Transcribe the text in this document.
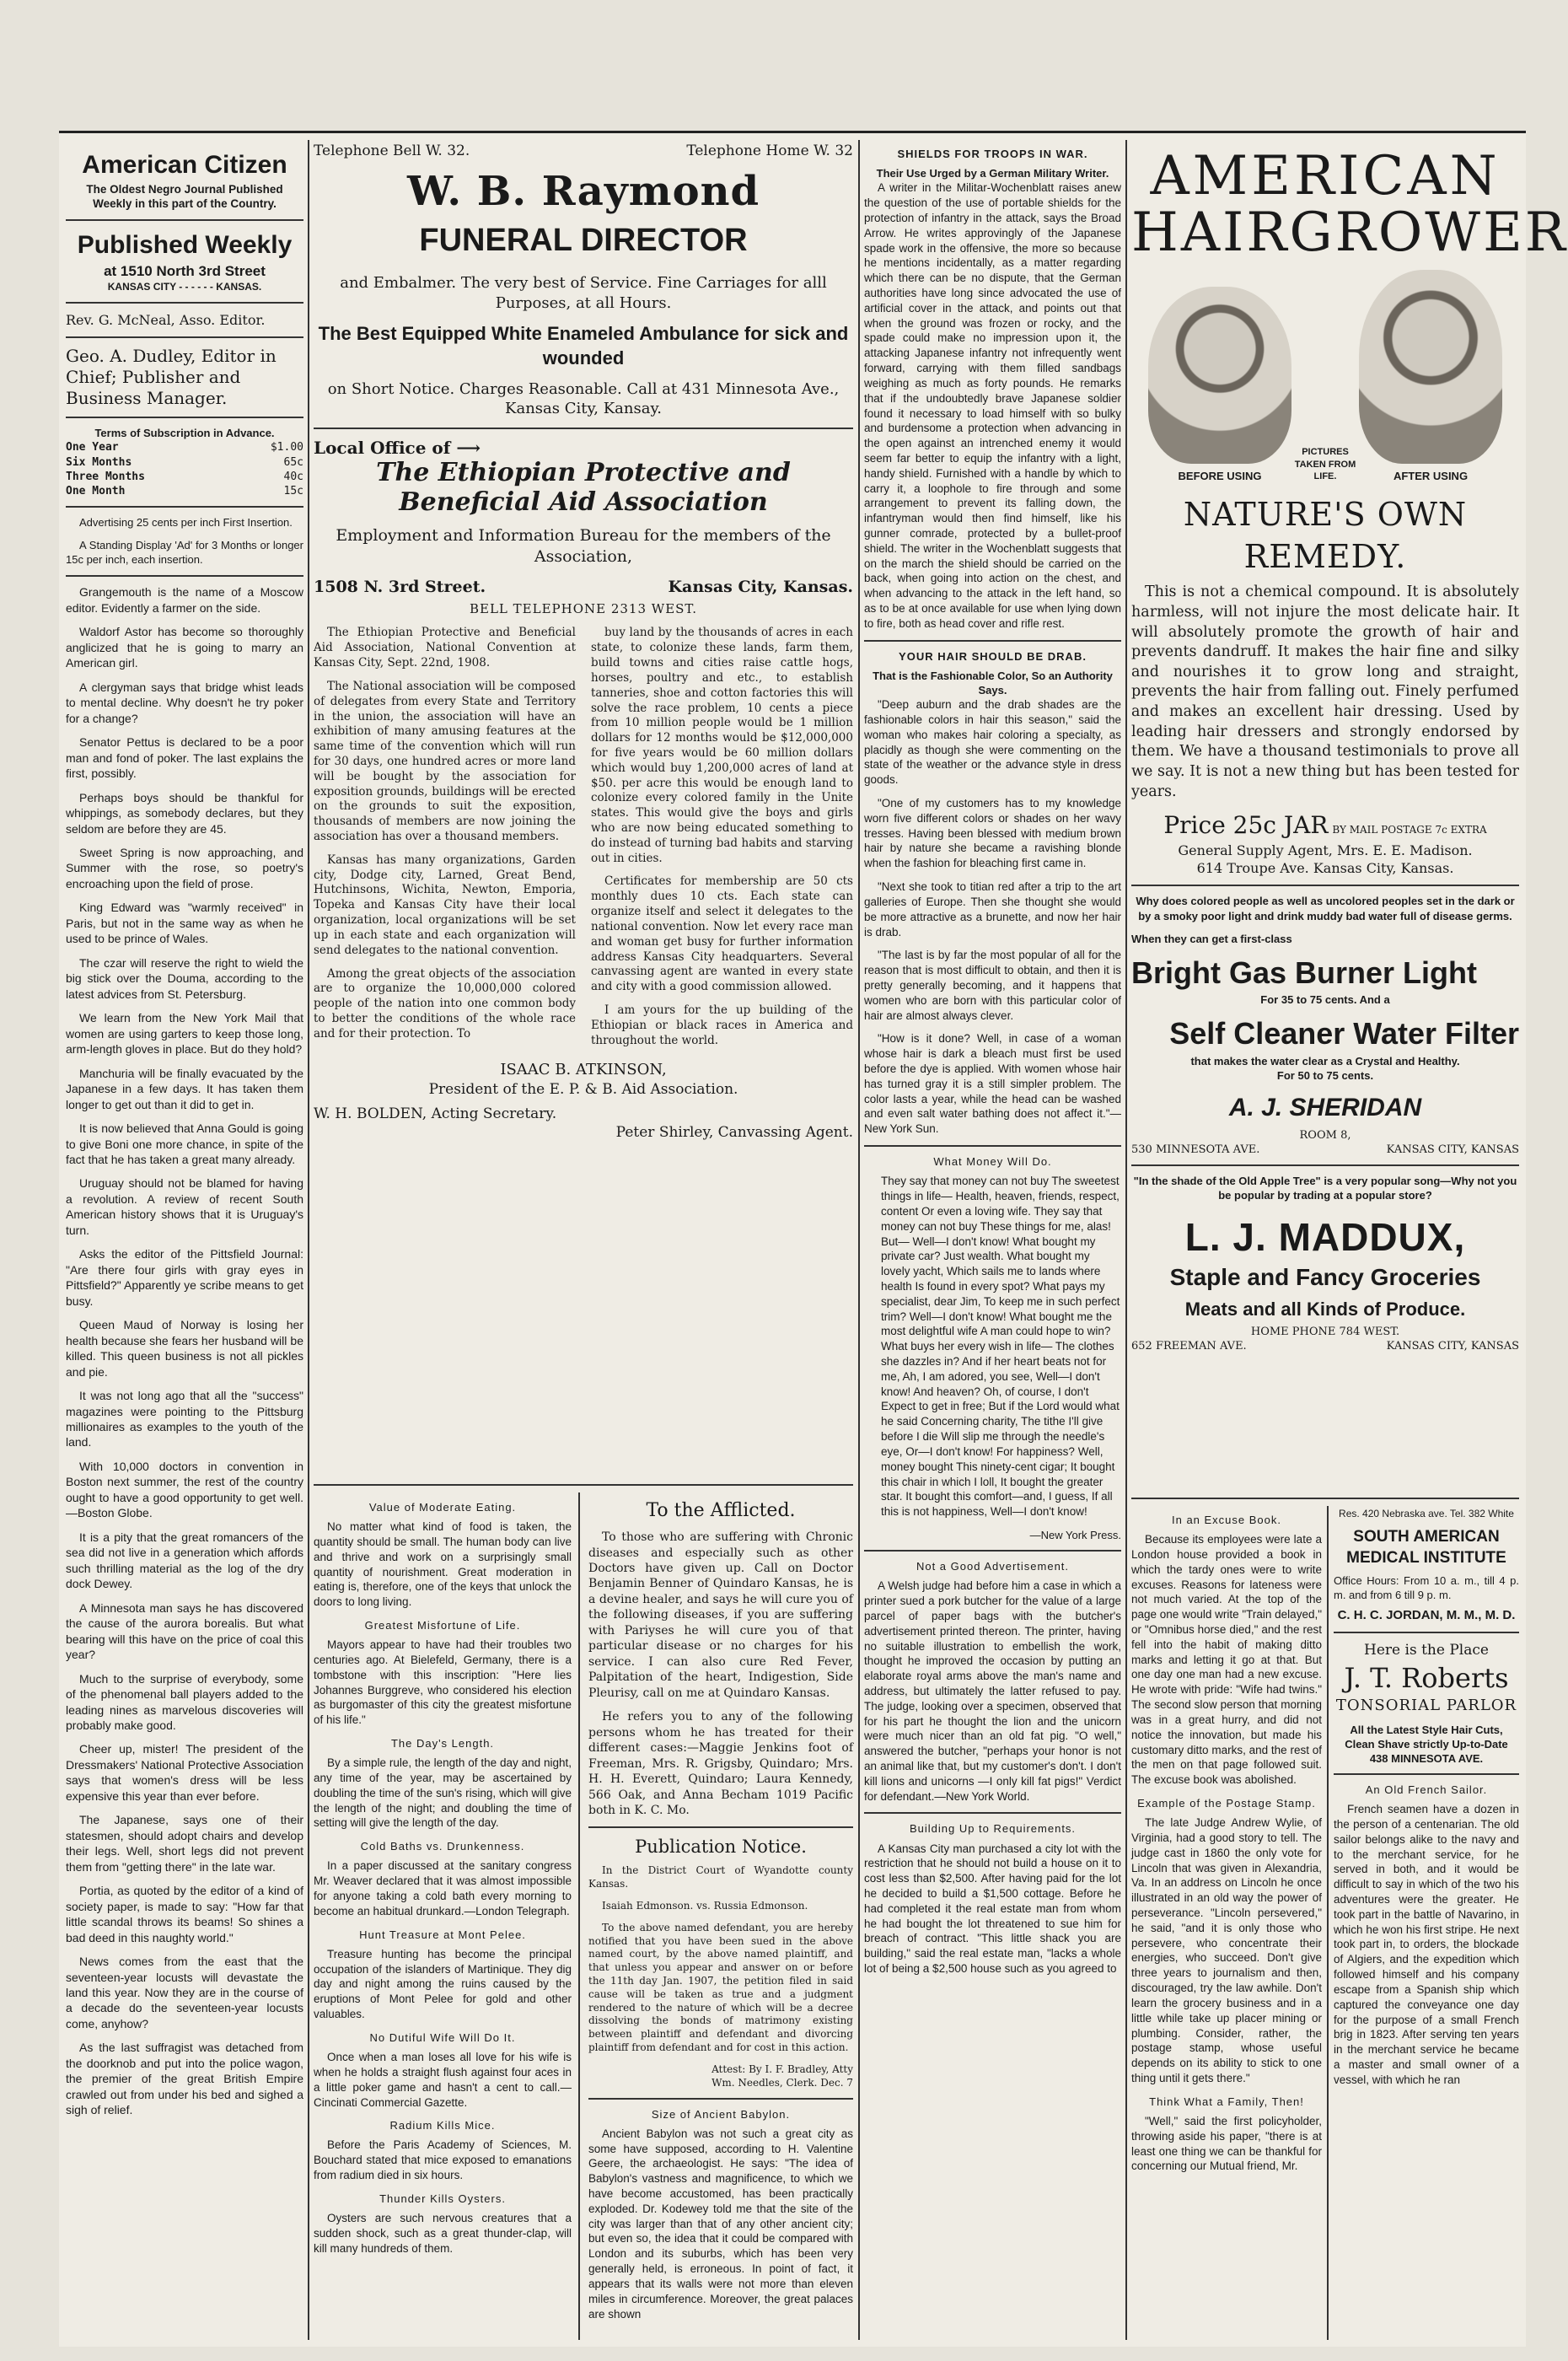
American Citizen
The Oldest Negro Journal Published Weekly in this part of the Country.
Published Weekly
at 1510 North 3rd Street
KANSAS CITY - - - - - - KANSAS.
Rev. G. McNeal, Asso. Editor.
Geo. A. Dudley, Editor in Chief; Publisher and Business Manager.
Terms of Subscription in Advance.
One Year	$1.00
Six Months	65c
Three Months	40c
One Month	15c

Advertising 25 cents per inch First Insertion.

A Standing Display 'Ad' for 3 Months or longer 15c per inch, each insertion.

Grangemouth is the name of a Moscow editor. Evidently a farmer on the side.

Waldorf Astor has become so thoroughly anglicized that he is going to marry an American girl.

A clergyman says that bridge whist leads to mental decline. Why doesn't he try poker for a change?

Senator Pettus is declared to be a poor man and fond of poker. The last explains the first, possibly.

Perhaps boys should be thankful for whippings, as somebody declares, but they seldom are before they are 45.

Sweet Spring is now approaching, and Summer with the rose, so poetry's encroaching upon the field of prose.

King Edward was "warmly received" in Paris, but not in the same way as when he used to be prince of Wales.

The czar will reserve the right to wield the big stick over the Douma, according to the latest advices from St. Petersburg.

We learn from the New York Mail that women are using garters to keep those long, arm-length gloves in place. But do they hold?

Manchuria will be finally evacuated by the Japanese in a few days. It has taken them longer to get out than it did to get in.

It is now believed that Anna Gould is going to give Boni one more chance, in spite of the fact that he has taken a great many already.

Uruguay should not be blamed for having a revolution. A review of recent South American history shows that it is Uruguay's turn.

Asks the editor of the Pittsfield Journal: "Are there four girls with gray eyes in Pittsfield?" Apparently ye scribe means to get busy.

Queen Maud of Norway is losing her health because she fears her husband will be killed. This queen business is not all pickles and pie.

It was not long ago that all the "success" magazines were pointing to the Pittsburg millionaires as examples to the youth of the land.

With 10,000 doctors in convention in Boston next summer, the rest of the country ought to have a good opportunity to get well.—Boston Globe.

It is a pity that the great romancers of the sea did not live in a generation which affords such thrilling material as the log of the dry dock Dewey.

A Minnesota man says he has discovered the cause of the aurora borealis. But what bearing will this have on the price of coal this year?

Much to the surprise of everybody, some of the phenomenal ball players added to the leading nines as marvelous discoveries will probably make good.

Cheer up, mister! The president of the Dressmakers' National Protective Association says that women's dress will be less expensive this year than ever before.

The Japanese, says one of their statesmen, should adopt chairs and develop their legs. Well, short legs did not prevent them from "getting there" in the late war.

Portia, as quoted by the editor of a kind of society paper, is made to say: "How far that little scandal throws its beams! So shines a bad deed in this naughty world."

News comes from the east that the seventeen-year locusts will devastate the land this year. Now they are in the course of a decade do the seventeen-year locusts come, anyhow?

As the last suffragist was detached from the doorknob and put into the police wagon, the premier of the great British Empire crawled out from under his bed and sighed a sigh of relief.

Telephone Bell W. 32.	Telephone Home W. 32
W. B. Raymond
FUNERAL DIRECTOR

and Embalmer. The very best of Service. Fine Carriages for alll Purposes, at all Hours.

The Best Equipped White Enameled Ambulance for sick and wounded

on Short Notice. Charges Reasonable. Call at 431 Minnesota Ave., Kansas City, Kansay.

Local Office of ⟶
The Ethiopian Protective and Beneficial Aid Association

Employment and Information Bureau for the members of the Association,

1508 N. 3rd Street.	Kansas City, Kansas.
BELL TELEPHONE 2313 WEST.

The Ethiopian Protective and Beneficial Aid Association, National Convention at Kansas City, Sept. 22nd, 1908.

The National association will be composed of delegates from every State and Territory in the union, the association will have an exhibition of many amusing features at the same time of the convention which will run for 30 days, one hundred acres or more land will be bought by the association for exposition grounds, buildings will be erected on the grounds to suit the exposition, thousands of members are now joining the association has over a thousand members.

Kansas has many organizations, Garden city, Dodge city, Larned, Great Bend, Hutchinsons, Wichita, Newton, Emporia, Topeka and Kansas City have their local organization, local organizations will be set up in each state and each organization will send delegates to the national convention.

Among the great objects of the association are to organize the 10,000,000 colored people of the nation into one common body to better the conditions of the whole race and for their protection. To

buy land by the thousands of acres in each state, to colonize these lands, farm them, build towns and cities raise cattle hogs, horses, poultry and etc., to establish tanneries, shoe and cotton factories this will solve the race problem, 10 cents a piece from 10 million people would be 1 million dollars for 12 months would be $12,000,000 for five years would be 60 million dollars which would buy 1,200,000 acres of land at $50. per acre this would be enough land to colonize every colored family in the Unite states. This would give the boys and girls who are now being educated something to do instead of turning bad habits and starving out in cities.

Certificates for membership are 50 cts monthly dues 10 cts. Each state can organize itself and select it delegates to the national convention. Now let every race man and woman get busy for further information address Kansas City headquarters. Several canvassing agent are wanted in every state and city with a good commission allowed.

I am yours for the up building of the Ethiopian or black races in America and throughout the world.

ISAAC B. ATKINSON,
President of the E. P. & B. Aid Association.
W. H. BOLDEN, Acting Secretary.
Peter Shirley, Canvassing Agent.
Value of Moderate Eating.

No matter what kind of food is taken, the quantity should be small. The human body can live and thrive and work on a surprisingly small quantity of nourishment. Great moderation in eating is, therefore, one of the keys that unlock the doors to long living.

Greatest Misfortune of Life.

Mayors appear to have had their troubles two centuries ago. At Bielefeld, Germany, there is a tombstone with this inscription: "Here lies Johannes Burggreve, who considered his election as burgomaster of this city the greatest misfortune of his life."

The Day's Length.

By a simple rule, the length of the day and night, any time of the year, may be ascertained by doubling the time of the sun's rising, which will give the length of the night; and doubling the time of setting will give the length of the day.

Cold Baths vs. Drunkenness.

In a paper discussed at the sanitary congress Mr. Weaver declared that it was almost impossible for anyone taking a cold bath every morning to become an habitual drunkard.—London Telegraph.

Hunt Treasure at Mont Pelee.

Treasure hunting has become the principal occupation of the islanders of Martinique. They dig day and night among the ruins caused by the eruptions of Mont Pelee for gold and other valuables.

No Dutiful Wife Will Do It.

Once when a man loses all love for his wife is when he holds a straight flush against four aces in a little poker game and hasn't a cent to call.—Cincinati Commercial Gazette.

Radium Kills Mice.

Before the Paris Academy of Sciences, M. Bouchard stated that mice exposed to emanations from radium died in six hours.

Thunder Kills Oysters.

Oysters are such nervous creatures that a sudden shock, such as a great thunder-clap, will kill many hundreds of them.

To the Afflicted.

To those who are suffering with Chronic diseases and especially such as other Doctors have given up. Call on Doctor Benjamin Benner of Quindaro Kansas, he is a devine healer, and says he will cure you of the following diseases, if you are suffering with Pariyses he will cure you of that particular disease or no charges for his service. I can also cure Red Fever, Palpitation of the heart, Indigestion, Side Pleurisy, call on me at Quindaro Kansas.

He refers you to any of the following persons whom he has treated for their different cases:—Maggie Jenkins foot of Freeman, Mrs. R. Grigsby, Quindaro; Mrs. H. H. Everett, Quindaro; Laura Kennedy, 566 Oak, and Anna Becham 1019 Pacific both in K. C. Mo.

Publication Notice.

In the District Court of Wyandotte county Kansas.

Isaiah Edmonson. vs. Russia Edmonson.

To the above named defendant, you are hereby notified that you have been sued in the above named court, by the above named plaintiff, and that unless you appear and answer on or before the 11th day Jan. 1907, the petition filed in said cause will be taken as true and a judgment rendered to the nature of which will be a decree dissolving the bonds of matrimony existing between plaintiff and defendant and divorcing plaintiff from defendant and for cost in this action.

Attest: By I. F. Bradley, Atty
Wm. Needles, Clerk. Dec. 7
Size of Ancient Babylon.

Ancient Babylon was not such a great city as some have supposed, according to H. Valentine Geere, the archaeologist. He says: "The idea of Babylon's vastness and magnificence, to which we have become accustomed, has been practically exploded. Dr. Kodewey told me that the site of the city was larger than that of any other ancient city; but even so, the idea that it could be compared with London and its suburbs, which has been very generally held, is erroneous. In point of fact, it appears that its walls were not more than eleven miles in circumference. Moreover, the great palaces are shown

SHIELDS FOR TROOPS IN WAR.
Their Use Urged by a German Military Writer.

A writer in the Militar-Wochenblatt raises anew the question of the use of portable shields for the protection of infantry in the attack, says the Broad Arrow. He writes approvingly of the Japanese spade work in the offensive, the more so because he mentions incidentally, as a matter regarding which there can be no dispute, that the German authorities have long since advocated the use of artificial cover in the attack, and points out that when the ground was frozen or rocky, and the spade could make no impression upon it, the attacking Japanese infantry not infrequently went forward, carrying with them filled sandbags weighing as much as forty pounds. He remarks that if the undoubtedly brave Japanese soldier found it necessary to load himself with so bulky and burdensome a protection when advancing in the open against an intrenched enemy it would seem far better to equip the infantry with a light, handy shield. Furnished with a handle by which to carry it, a loophole to fire through and some arrangement to prevent its falling down, the infantryman would then find himself, like his gunner comrade, protected by a bullet-proof shield. The writer in the Wochenblatt suggests that on the march the shield should be carried on the back, when going into action on the chest, and when advancing to the attack in the left hand, so as to be at once available for use when lying down to fire, both as head cover and rifle rest.

YOUR HAIR SHOULD BE DRAB.
That is the Fashionable Color, So an Authority Says.

"Deep auburn and the drab shades are the fashionable colors in hair this season," said the woman who makes hair coloring a specialty, as placidly as though she were commenting on the state of the weather or the advance style in dress goods.

"One of my customers has to my knowledge worn five different colors or shades on her wavy tresses. Having been blessed with medium brown hair by nature she became a ravishing blonde when the fashion for bleaching first came in.

"Next she took to titian red after a trip to the art galleries of Europe. Then she thought she would be more attractive as a brunette, and now her hair is drab.

"The last is by far the most popular of all for the reason that is most difficult to obtain, and then it is pretty generally becoming, and it happens that women who are born with this particular color of hair are almost always clever.

"How is it done? Well, in case of a woman whose hair is dark a bleach must first be used before the dye is applied. With women whose hair has turned gray it is a still simpler problem. The color lasts a year, while the head can be washed and even salt water bathing does not affect it."—New York Sun.

What Money Will Do.

They say that money can not buy The sweetest things in life— Health, heaven, friends, respect, content Or even a loving wife. They say that money can not buy These things for me, alas! But— Well—I don't know! What bought my private car? Just wealth. What bought my lovely yacht, Which sails me to lands where health Is found in every spot? What pays my specialist, dear Jim, To keep me in such perfect trim? Well—I don't know! What bought me the most delightful wife A man could hope to win? What buys her every wish in life— The clothes she dazzles in? And if her heart beats not for me, Ah, I am adored, you see, Well—I don't know! And heaven? Oh, of course, I don't Expect to get in free; But if the Lord would what he said Concerning charity, The tithe I'll give before I die Will slip me through the needle's eye, Or—I don't know! For happiness? Well, money bought This ninety-cent cigar; It bought this chair in which I loll, It bought the greater star. It bought this comfort—and, I guess, If all this is not happiness, Well—I don't know!

—New York Press.
Not a Good Advertisement.

A Welsh judge had before him a case in which a printer sued a pork butcher for the value of a large parcel of paper bags with the butcher's advertisement printed thereon. The printer, having no suitable illustration to embellish the work, thought he improved the occasion by putting an elaborate royal arms above the man's name and address, but ultimately the latter refused to pay. The judge, looking over a specimen, observed that for his part he thought the lion and the unicorn were much nicer than an old fat pig. "O well," answered the butcher, "perhaps your honor is not an animal like that, but my customer's don't. I don't kill lions and unicorns —I only kill fat pigs!" Verdict for defendant.—New York World.

Building Up to Requirements.

A Kansas City man purchased a city lot with the restriction that he should not build a house on it to cost less than $2,500. After having paid for the lot he decided to build a $1,500 cottage. Before he had completed it the real estate man from whom he had bought the lot threatened to sue him for breach of contract. "This little shack you are building," said the real estate man, "lacks a whole lot of being a $2,500 house such as you agreed to

AMERICAN
HAIR GROWER
BEFORE USING
PICTURES TAKEN FROM LIFE.	AFTER USING
NATURE'S OWN REMEDY.

This is not a chemical compound. It is absolutely harmless, will not injure the most delicate hair. It will absolutely promote the growth of hair and prevents dandruff. It makes the hair fine and silky and nourishes it to grow long and straight, prevents the hair from falling out. Finely perfumed and makes an excellent hair dressing. Used by leading hair dressers and strongly endorsed by them. We have a thousand testimonials to prove all we say. It is not a new thing but has been tested for years.

Price 25c JAR BY MAIL POSTAGE 7c EXTRA
General Supply Agent, Mrs. E. E. Madison.
614 Troupe Ave. Kansas City, Kansas.

Why does colored people as well as uncolored peoples set in the dark or by a smoky poor light and drink muddy bad water full of disease germs.

When they can get a first-class
Bright Gas Burner Light
For 35 to 75 cents. And a
Self Cleaner Water Filter
that makes the water clear as a Crystal and Healthy.
For 50 to 75 cents.
A. J. SHERIDAN
ROOM 8,
530 MINNESOTA AVE.	KANSAS CITY, KANSAS

"In the shade of the Old Apple Tree" is a very popular song—Why not you be popular by trading at a popular store?

L. J. MADDUX,
Staple and Fancy Groceries
Meats and all Kinds of Produce.
HOME PHONE 784 WEST.
652 FREEMAN AVE.	KANSAS CITY, KANSAS
In an Excuse Book.

Because its employees were late a London house provided a book in which the tardy ones were to write excuses. Reasons for lateness were not much varied. At the top of the page one would write "Train delayed," or "Omnibus horse died," and the rest fell into the habit of making ditto marks and letting it go at that. But one day one man had a new excuse. He wrote with pride: "Wife had twins." The second slow person that morning was in a great hurry, and did not notice the innovation, but made his customary ditto marks, and the rest of the men on that page followed suit. The excuse book was abolished.

Example of the Postage Stamp.

The late Judge Andrew Wylie, of Virginia, had a good story to tell. The judge cast in 1860 the only vote for Lincoln that was given in Alexandria, Va. In an address on Lincoln he once illustrated in an old way the power of perseverance. "Lincoln persevered," he said, "and it is only those who persevere, who concentrate their energies, who succeed. Don't give three years to journalism and then, discouraged, try the law awhile. Don't learn the grocery business and in a little while take up placer mining or plumbing. Consider, rather, the postage stamp, whose useful depends on its ability to stick to one thing until it gets there."

Think What a Family, Then!

"Well," said the first policyholder, throwing aside his paper, "there is at least one thing we can be thankful for concerning our Mutual friend, Mr.

Res. 420 Nebraska ave. Tel. 382 White
SOUTH AMERICAN MEDICAL INSTITUTE
Office Hours: From 10 a. m., till 4 p. m. and from 6 till 9 p. m.
C. H. C. JORDAN, M. M., M. D.
Here is the Place
J. T. Roberts
TONSORIAL PARLOR
All the Latest Style Hair Cuts, Clean Shave strictly Up-to-Date
438 MINNESOTA AVE.
An Old French Sailor.

French seamen have a dozen in the person of a centenarian. The old sailor belongs alike to the navy and to the merchant service, for he served in both, and it would be difficult to say in which of the two his adventures were the greater. He took part in the battle of Navarino, in which he won his first stripe. He next took part in, to orders, the blockade of Algiers, and the expedition which followed himself and his company escape from a Spanish ship which captured the conveyance one day for the purpose of a small French brig in 1823. After serving ten years in the merchant service he became a master and small owner of a vessel, with which he ran
